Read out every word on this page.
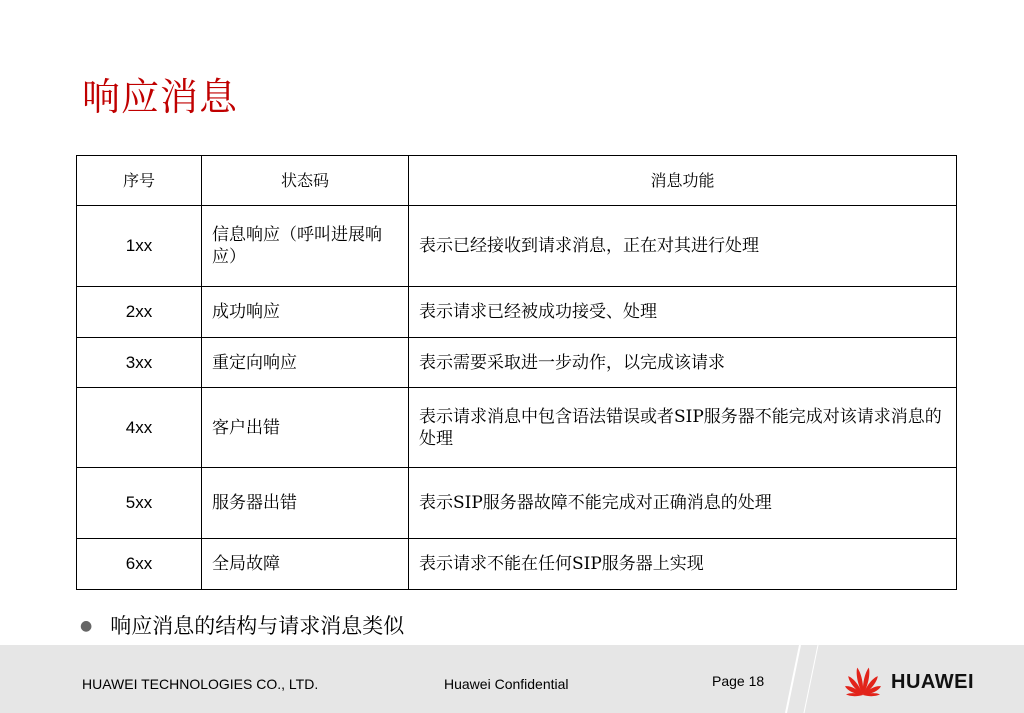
响应消息
序号	状态码	消息功能
1xx	信息响应（呼叫进展响应）	表示已经接收到请求消息，正在对其进行处理
2xx	成功响应	表示请求已经被成功接受、处理
3xx	重定向响应	表示需要采取进一步动作，以完成该请求
4xx	客户出错	表示请求消息中包含语法错误或者SIP服务器不能完成对该请求消息的处理
5xx	服务器出错	表示SIP服务器故障不能完成对正确消息的处理
6xx	全局故障	表示请求不能在任何SIP服务器上实现
● 响应消息的结构与请求消息类似
HUAWEI TECHNOLOGIES CO., LTD.	Huawei Confidential	Page 18	HUAWEI
